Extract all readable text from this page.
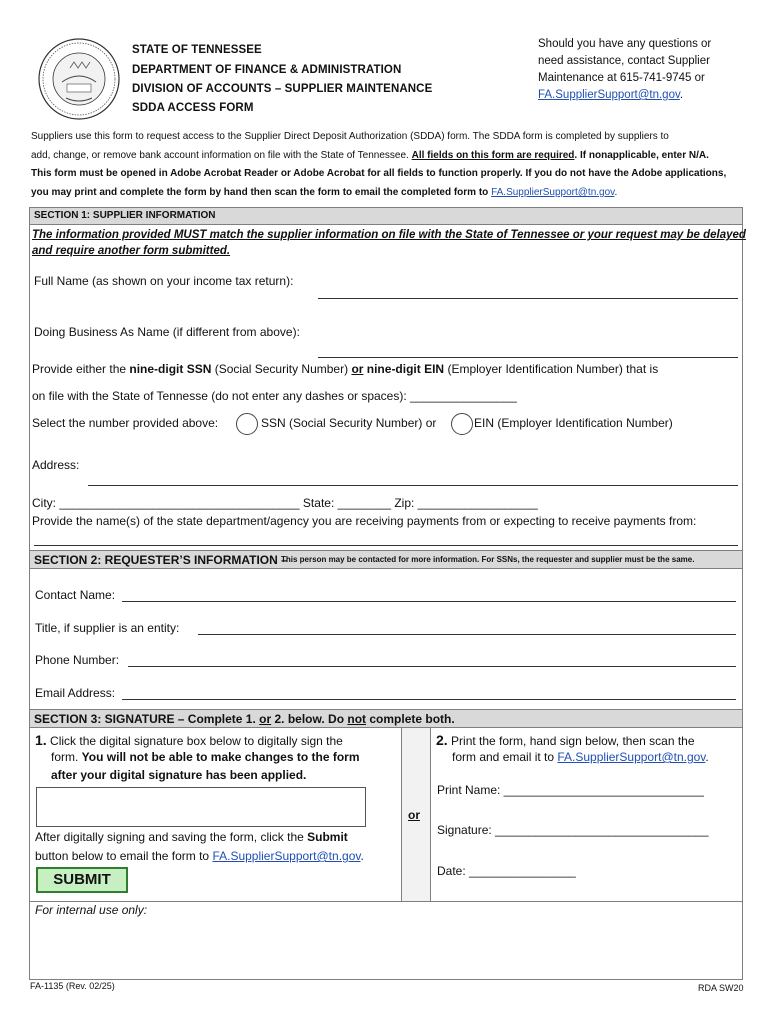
STATE OF TENNESSEE
DEPARTMENT OF FINANCE & ADMINISTRATION
DIVISION OF ACCOUNTS – SUPPLIER MAINTENANCE
SDDA ACCESS FORM
Should you have any questions or
need assistance, contact Supplier
Maintenance at 615-741-9745 or
FA.SupplierSupport@tn.gov.
Suppliers use this form to request access to the Supplier Direct Deposit Authorization (SDDA) form. The SDDA form is completed by suppliers to
add, change, or remove bank account information on file with the State of Tennessee. All fields on this form are required. If nonapplicable, enter N/A.
This form must be opened in Adobe Acrobat Reader or Adobe Acrobat for all fields to function properly. If you do not have the Adobe applications,
you may print and complete the form by hand then scan the form to email the completed form to FA.SupplierSupport@tn.gov.
SECTION 1: SUPPLIER INFORMATION
The information provided MUST match the supplier information on file with the State of Tennessee or your request may be delayed
and require another form submitted.
Full Name (as shown on your income tax return):
Doing Business As Name (if different from above):
Provide either the nine-digit SSN (Social Security Number) or nine-digit EIN (Employer Identification Number) that is
on file with the State of Tennesse (do not enter any dashes or spaces): ________________
Select the number provided above:	SSN (Social Security Number) or	EIN (Employer Identification Number)
Address:
City: ____________________________________ State: ________ Zip: __________________
Provide the name(s) of the state department/agency you are receiving payments from or expecting to receive payments from:
SECTION 2: REQUESTER’S INFORMATION –
This person may be contacted for more information. For SSNs, the requester and supplier must be the same.
Contact Name:
Title, if supplier is an entity:
Phone Number:
Email Address:
SECTION 3: SIGNATURE – Complete 1. or 2. below. Do not complete both.
or
1. Click the digital signature box below to digitally sign the
form. You will not be able to make changes to the form
after your digital signature has been applied.
After digitally signing and saving the form, click the Submit
button below to email the form to FA.SupplierSupport@tn.gov.
SUBMIT
2. Print the form, hand sign below, then scan the
form and email it to FA.SupplierSupport@tn.gov.
Print Name: ______________________________
Signature: ________________________________
Date: ________________
For internal use only:
FA-1135 (Rev. 02/25)	RDA SW20
